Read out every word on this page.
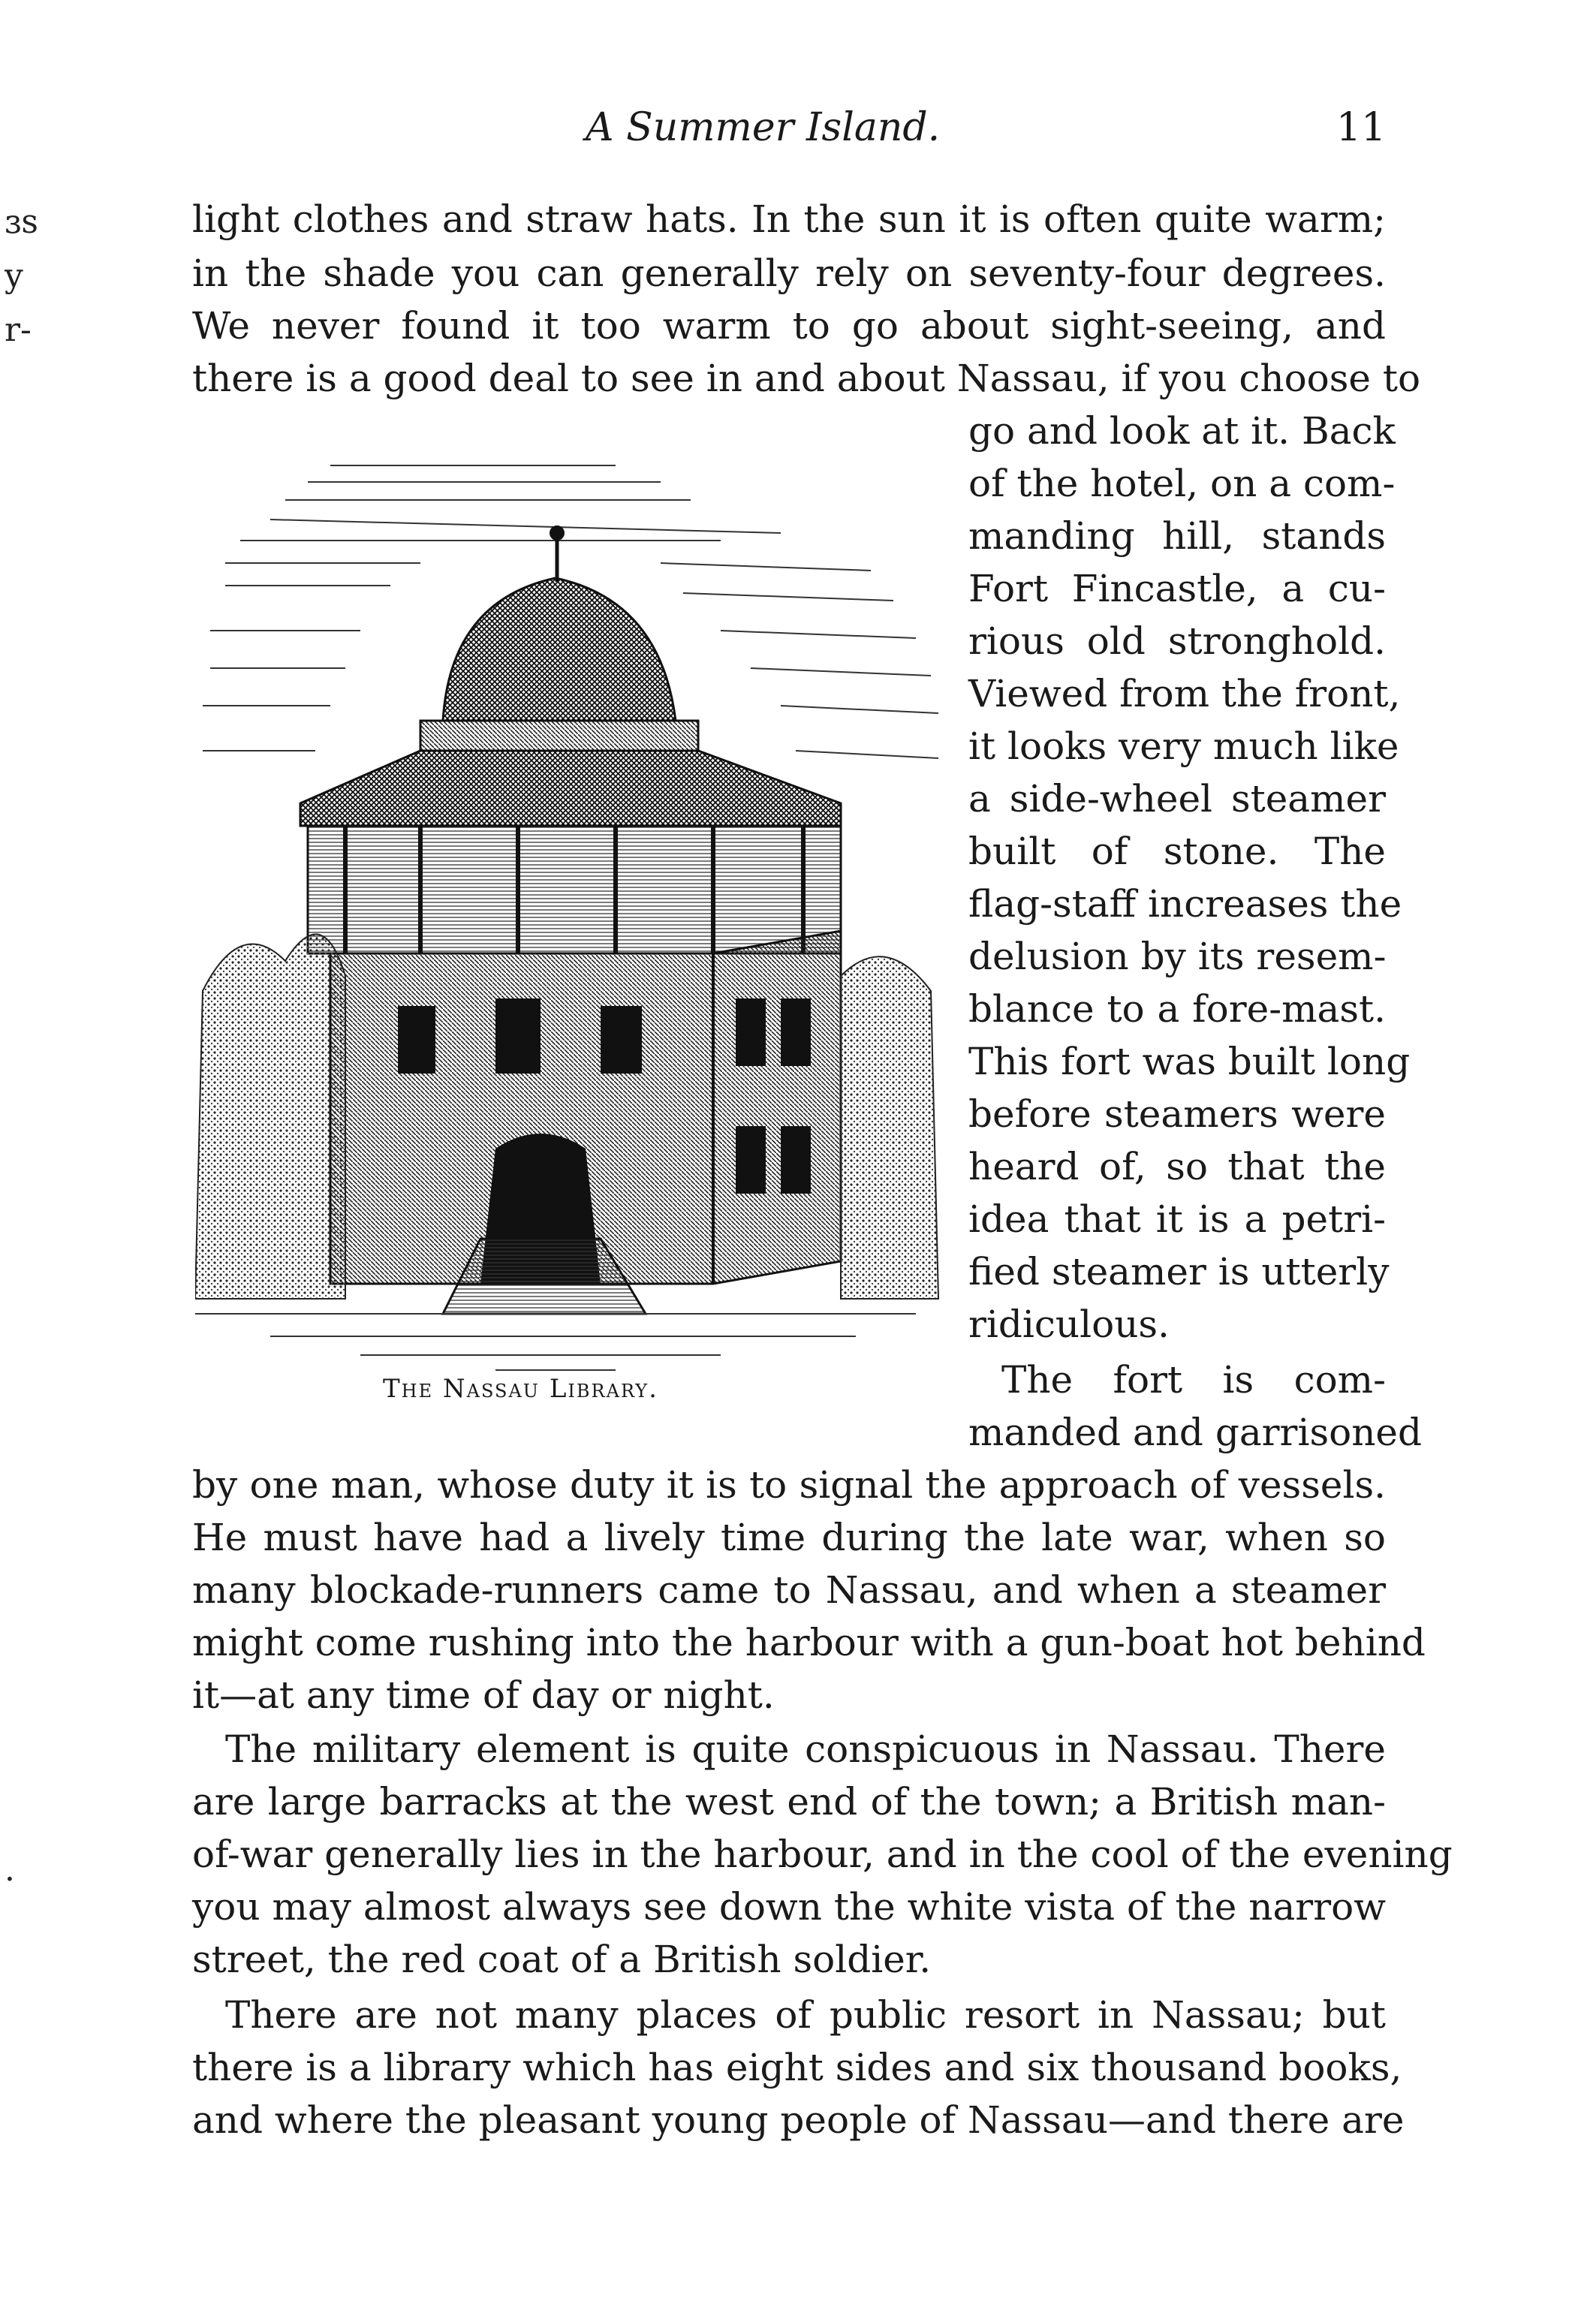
A Summer Island.	11
ɜs
y
r-
·
light clothes and straw hats. In the sun it is often quite warm;
in the shade you can generally rely on seventy-four degrees.
We never found it too warm to go about sight-seeing, and
there is a good deal to see in and about Nassau, if you choose to
The Nassau Library.
go and look at it. Back
of the hotel, on a com-
manding hill, stands
Fort Fincastle, a cu-
rious old stronghold.
Viewed from the front,
it looks very much like
a side-wheel steamer
built of stone. The
flag-staff increases the
delusion by its resem-
blance to a fore-mast.
This fort was built long
before steamers were
heard of, so that the
idea that it is a petri-
fied steamer is utterly
ridiculous.
The fort is com-
manded and garrisoned
by one man, whose duty it is to signal the approach of vessels.
He must have had a lively time during the late war, when so
many blockade-runners came to Nassau, and when a steamer
might come rushing into the harbour with a gun-boat hot behind
it—at any time of day or night.
The military element is quite conspicuous in Nassau. There
are large barracks at the west end of the town; a British man-
of-war generally lies in the harbour, and in the cool of the evening
you may almost always see down the white vista of the narrow
street, the red coat of a British soldier.
There are not many places of public resort in Nassau; but
there is a library which has eight sides and six thousand books,
and where the pleasant young people of Nassau—and there are
